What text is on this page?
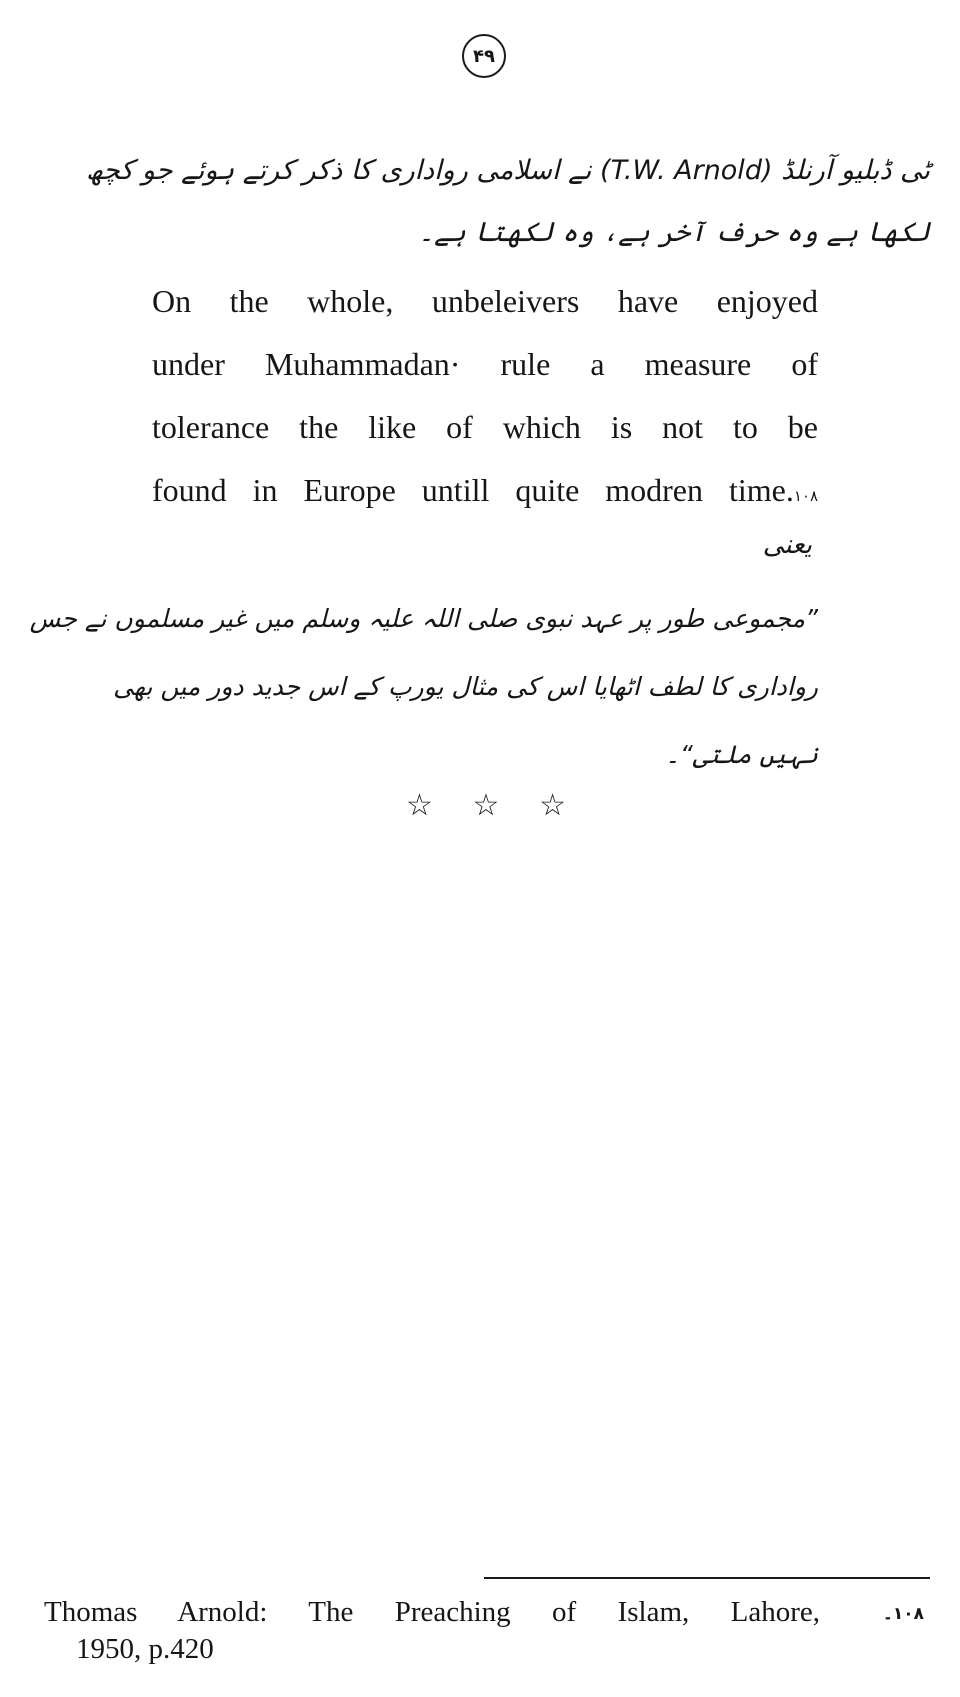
۴۹
ٹی ڈبلیو آرنلڈ (T.W. Arnold) نے اسلامی رواداری کا ذکر کرتے ہوئے جو کچھ
لکھا ہے وہ حرف آخر ہے، وہ لکھتا ہے۔
On the whole, unbeleivers have enjoyed
under Muhammadan· rule a measure of
tolerance the like of which is not to be
found in Europe untill quite modren time.۱۰۸
یعنی
”مجموعی طور پر عہد نبوی صلی اللہ علیہ وسلم میں غیر مسلموں نے جس
رواداری کا لطف اٹھایا اس کی مثال یورپ کے اس جدید دور میں بھی
نہیں ملتی“۔
☆ ☆ ☆
۱۰۸۔
Thomas Arnold: The Preaching of Islam, Lahore,
1950, p.420
